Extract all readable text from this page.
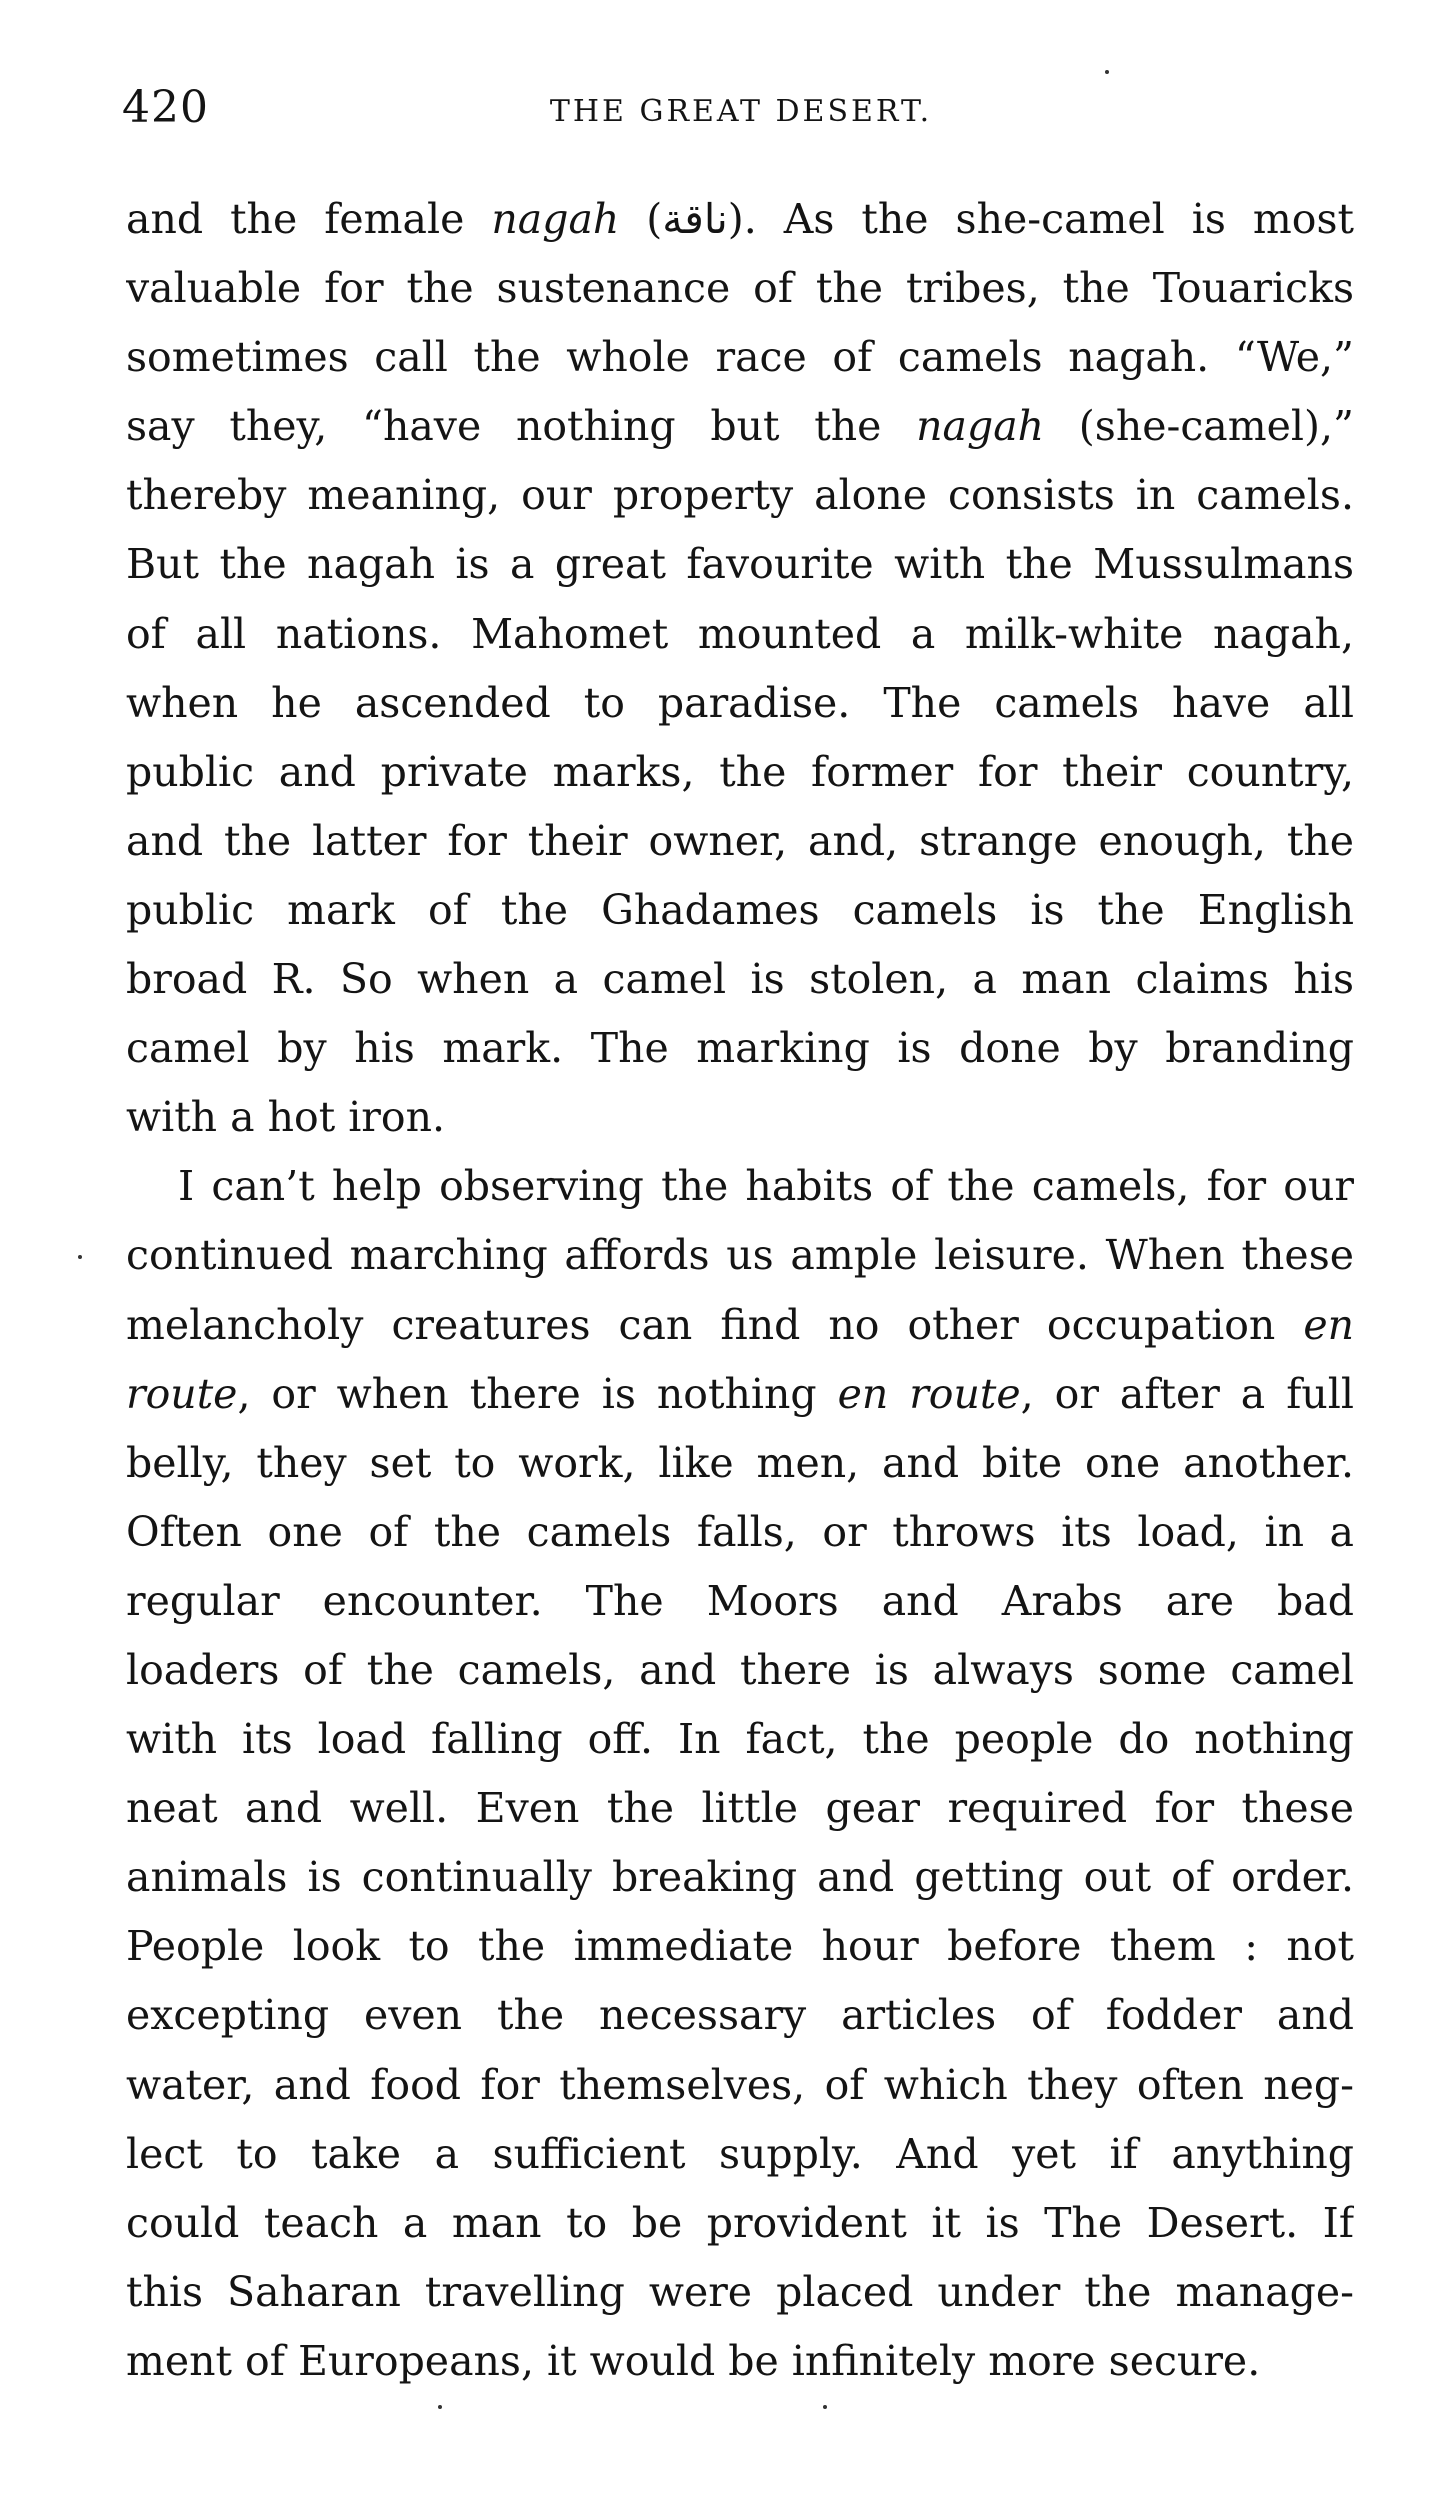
420	THE GREAT DESERT.
and the female nagah (ناقة). As the she-camel is most
valuable for the sustenance of the tribes, the Touaricks
sometimes call the whole race of camels nagah. “We,”
say they, “have nothing but the nagah (she-camel),”
thereby meaning, our property alone consists in camels.
But the nagah is a great favourite with the Mussulmans
of all nations. Mahomet mounted a milk-white nagah,
when he ascended to paradise. The camels have all
public and private marks, the former for their country,
and the latter for their owner, and, strange enough, the
public mark of the Ghadames camels is the English
broad R. So when a camel is stolen, a man claims his
camel by his mark. The marking is done by branding
with a hot iron.
I can’t help observing the habits of the camels, for our
continued marching affords us ample leisure. When these
melancholy creatures can find no other occupation en
route, or when there is nothing en route, or after a full
belly, they set to work, like men, and bite one another.
Often one of the camels falls, or throws its load, in a
regular encounter. The Moors and Arabs are bad
loaders of the camels, and there is always some camel
with its load falling off. In fact, the people do nothing
neat and well. Even the little gear required for these
animals is continually breaking and getting out of order.
People look to the immediate hour before them : not
excepting even the necessary articles of fodder and
water, and food for themselves, of which they often neg-
lect to take a sufficient supply. And yet if anything
could teach a man to be provident it is The Desert. If
this Saharan travelling were placed under the manage-
ment of Europeans, it would be infinitely more secure.
